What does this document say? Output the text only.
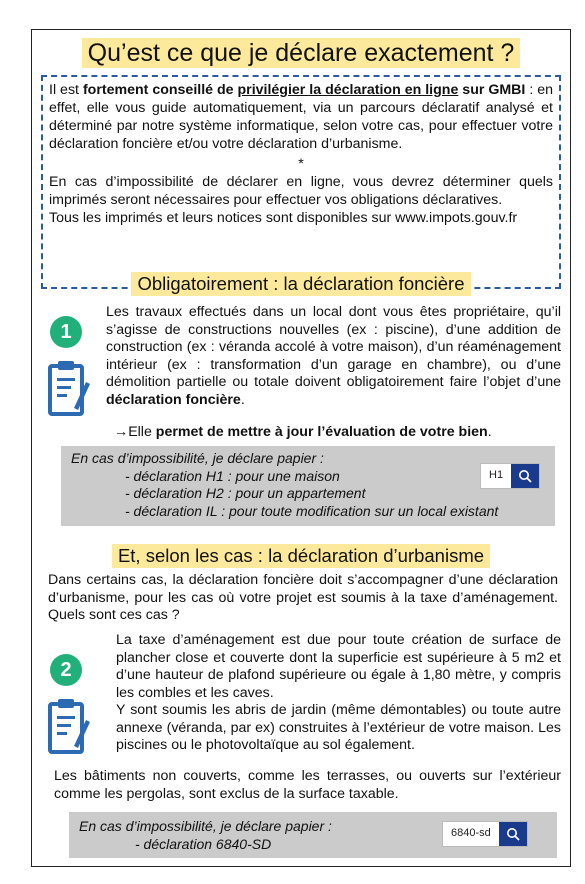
Qu’est ce que je déclare exactement ?

Il est fortement conseillé de privilégier la déclaration en ligne sur GMBI : en effet, elle vous guide automatiquement, via un parcours déclaratif analysé et déterminé par notre système informatique, selon votre cas, pour effectuer votre déclaration foncière et/ou votre déclaration d’urbanisme.

*

En cas d’impossibilité de déclarer en ligne, vous devrez déterminer quels imprimés seront nécessaires pour effectuer vos obligations déclaratives.

Tous les imprimés et leurs notices sont disponibles sur www.impots.gouv.fr

Obligatoirement : la déclaration foncière
1
Les travaux effectués dans un local dont vous êtes propriétaire, qu’il s’agisse de constructions nouvelles (ex : piscine), d’une addition de construction (ex : véranda accolé à votre maison), d’un réaménagement intérieur (ex : transformation d’un garage en chambre), ou d’une démolition partielle ou totale doivent obligatoirement faire l’objet d’une déclaration foncière.
→Elle permet de mettre à jour l’évaluation de votre bien.
En cas d’impossibilité, je déclare papier :
- déclaration H1 : pour une maison
- déclaration H2 : pour un appartement
- déclaration IL : pour toute modification sur un local existant
H1
Et, selon les cas : la déclaration d’urbanisme
Dans certains cas, la déclaration foncière doit s’accompagner d’une déclaration d’urbanisme, pour les cas où votre projet est soumis à la taxe d’aménagement. Quels sont ces cas ?
2
La taxe d’aménagement est due pour toute création de surface de plancher close et couverte dont la superficie est supérieure à 5 m2 et d’une hauteur de plafond supérieure ou égale à 1,80 mètre, y compris les combles et les caves.
Y sont soumis les abris de jardin (même démontables) ou toute autre annexe (véranda, par ex) construites à l’extérieur de votre maison. Les piscines ou le photovoltaïque au sol également.
Les bâtiments non couverts, comme les terrasses, ou ouverts sur l’extérieur comme les pergolas, sont exclus de la surface taxable.
En cas d’impossibilité, je déclare papier :
- déclaration 6840-SD
6840-sd
